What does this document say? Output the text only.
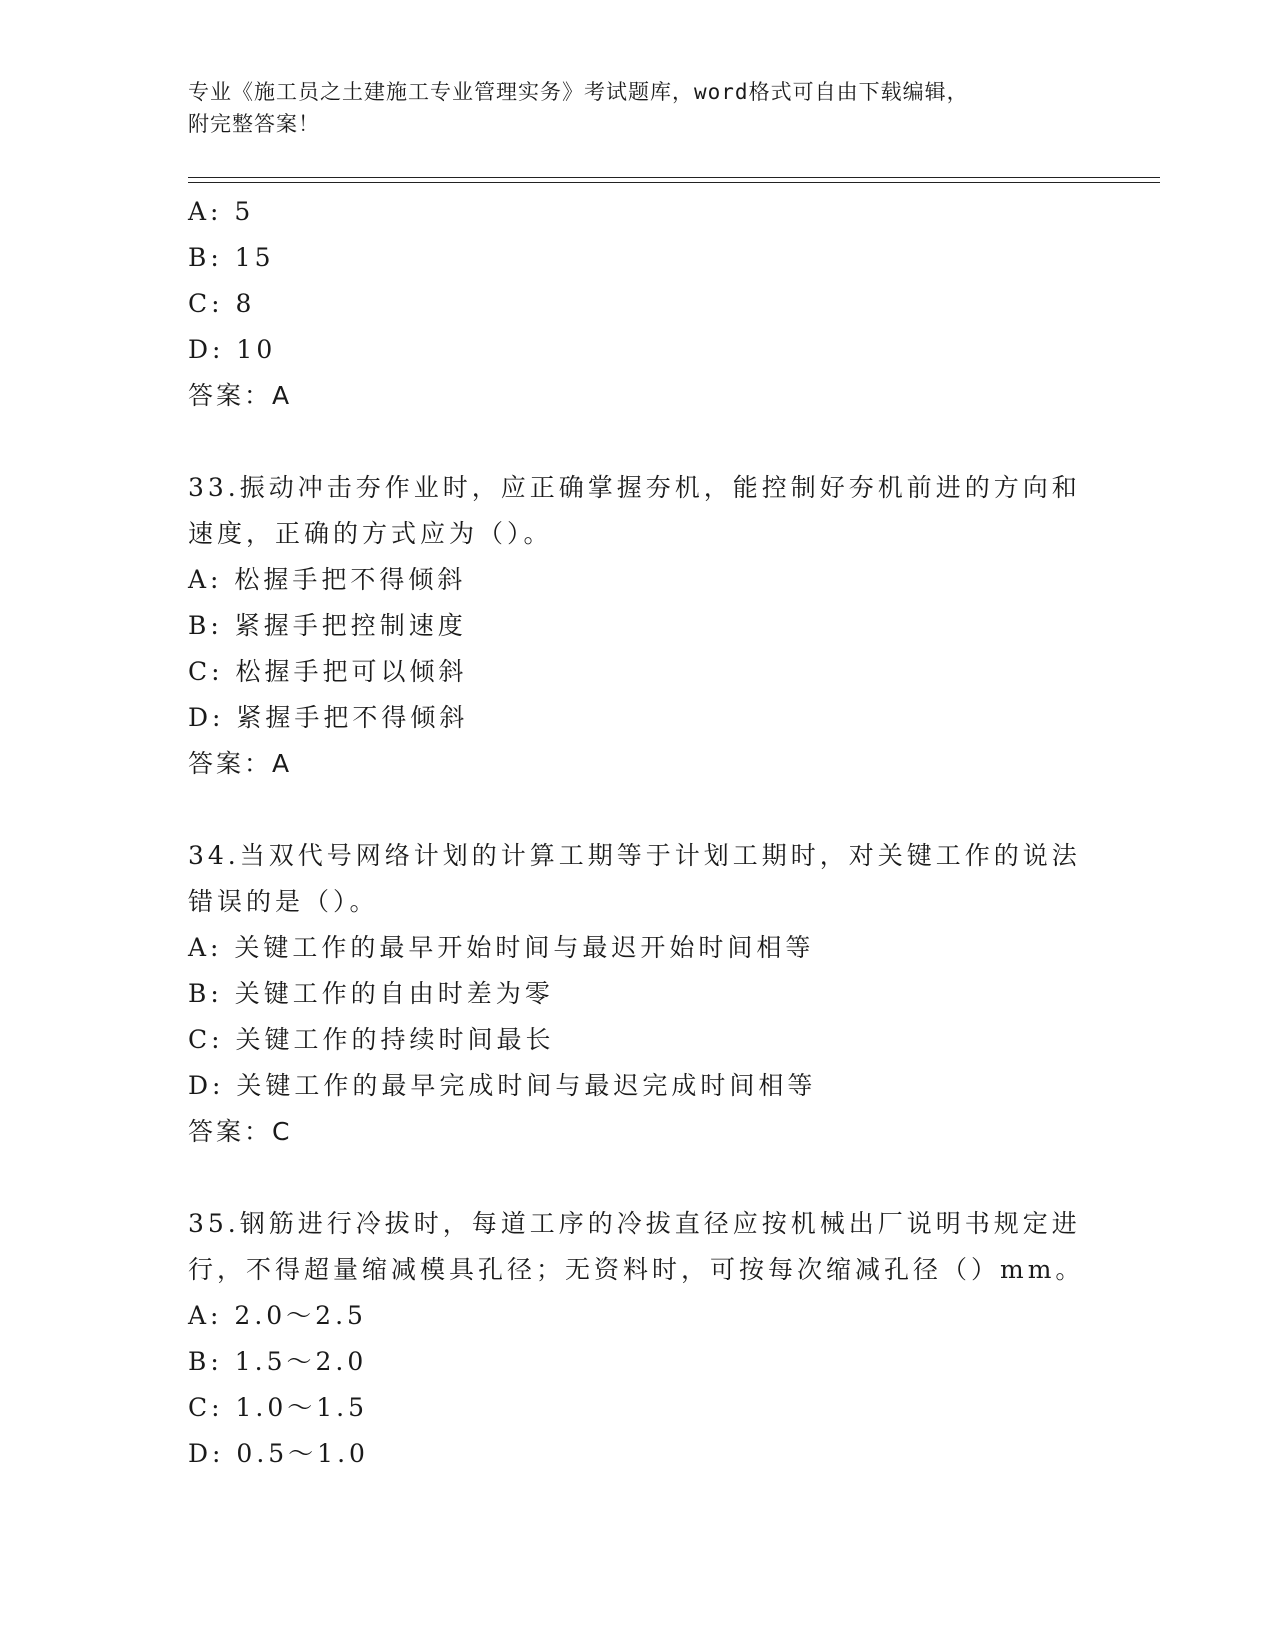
专业《施工员之土建施工专业管理实务》考试题库，word格式可自由下载编辑，
附完整答案！
A: 5
B: 15
C: 8
D: 10
答案：A
33.振动冲击夯作业时，应正确掌握夯机，能控制好夯机前进的方向和
速度，正确的方式应为（）。
A: 松握手把不得倾斜
B: 紧握手把控制速度
C: 松握手把可以倾斜
D: 紧握手把不得倾斜
答案：A
34.当双代号网络计划的计算工期等于计划工期时，对关键工作的说法
错误的是（）。
A: 关键工作的最早开始时间与最迟开始时间相等
B: 关键工作的自由时差为零
C: 关键工作的持续时间最长
D: 关键工作的最早完成时间与最迟完成时间相等
答案：C
35.钢筋进行冷拔时，每道工序的冷拔直径应按机械出厂说明书规定进
行，不得超量缩减模具孔径；无资料时，可按每次缩减孔径（）mm。
A: 2.0～2.5
B: 1.5～2.0
C: 1.0～1.5
D: 0.5～1.0
